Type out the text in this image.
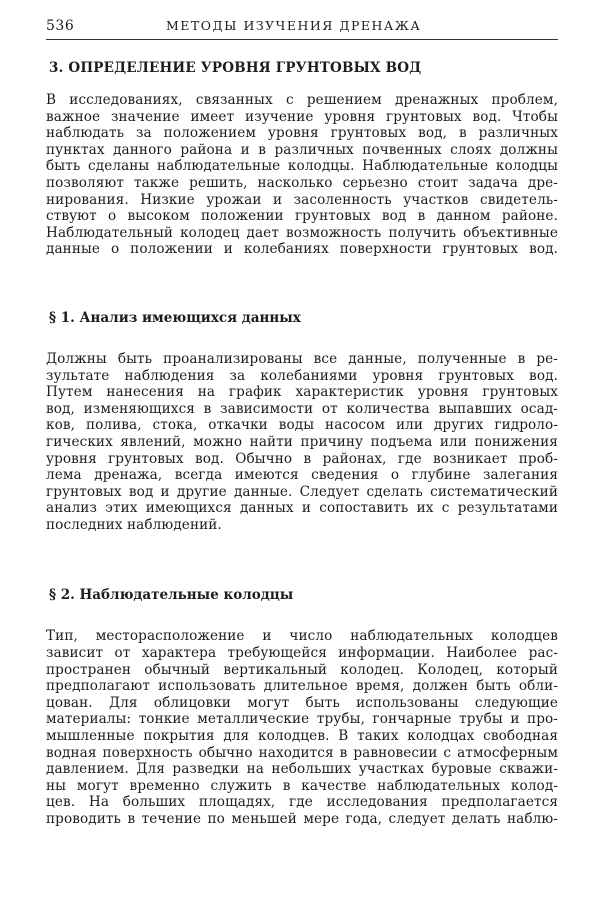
536	МЕТОДЫ ИЗУЧЕНИЯ ДРЕНАЖА
3. ОПРЕДЕЛЕНИЕ УРОВНЯ ГРУНТОВЫХ ВОД

В исследованиях, связанных с решением дренажных проблем,

важное значение имеет изучение уровня грунтовых вод. Чтобы

наблюдать за положением уровня грунтовых вод, в различных

пунктах данного района и в различных почвенных слоях должны

быть сделаны наблюдательные колодцы. Наблюдательные колодцы

позволяют также решить, насколько серьезно стоит задача дре-

нирования. Низкие урожаи и засоленность участков свидетель-

ствуют о высоком положении грунтовых вод в данном районе.

Наблюдательный колодец дает возможность получить объективные

данные о положении и колебаниях поверхности грунтовых вод.

§ 1. Анализ имеющихся данных

Должны быть проанализированы все данные, полученные в ре-

зультате наблюдения за колебаниями уровня грунтовых вод.

Путем нанесения на график характеристик уровня грунтовых

вод, изменяющихся в зависимости от количества выпавших осад-

ков, полива, стока, откачки воды насосом или других гидроло-

гических явлений, можно найти причину подъема или понижения

уровня грунтовых вод. Обычно в районах, где возникает проб-

лема дренажа, всегда имеются сведения о глубине залегания

грунтовых вод и другие данные. Следует сделать систематический

анализ этих имеющихся данных и сопоставить их с результатами

последних наблюдений.

§ 2. Наблюдательные колодцы

Тип, месторасположение и число наблюдательных колодцев

зависит от характера требующейся информации. Наиболее рас-

пространен обычный вертикальный колодец. Колодец, который

предполагают использовать длительное время, должен быть обли-

цован. Для облицовки могут быть использованы следующие

материалы: тонкие металлические трубы, гончарные трубы и про-

мышленные покрытия для колодцев. В таких колодцах свободная

водная поверхность обычно находится в равновесии с атмосферным

давлением. Для разведки на небольших участках буровые скважи-

ны могут временно служить в качестве наблюдательных колод-

цев. На больших площадях, где исследования предполагается

проводить в течение по меньшей мере года, следует делать наблю-
